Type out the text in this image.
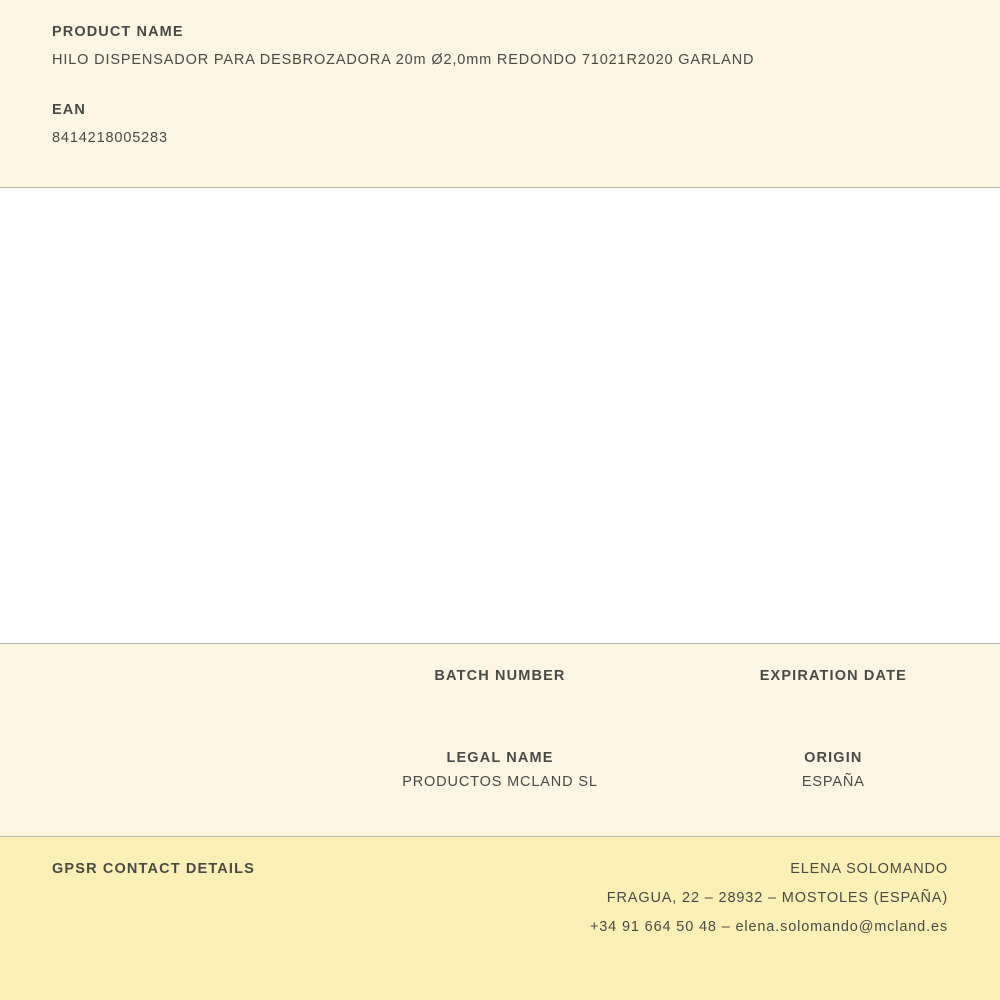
PRODUCT NAME

HILO DISPENSADOR PARA DESBROZADORA 20m Ø2,0mm REDONDO 71021R2020 GARLAND

EAN

8414218005283

BATCH NUMBER	EXPIRATION DATE

LEGAL NAME	ORIGIN

PRODUCTOS MCLAND SL	ESPAÑA

GPSR CONTACT DETAILS	ELENA SOLOMANDO

FRAGUA, 22 – 28932 – MOSTOLES (ESPAÑA)

+34 91 664 50 48 – elena.solomando@mcland.es
